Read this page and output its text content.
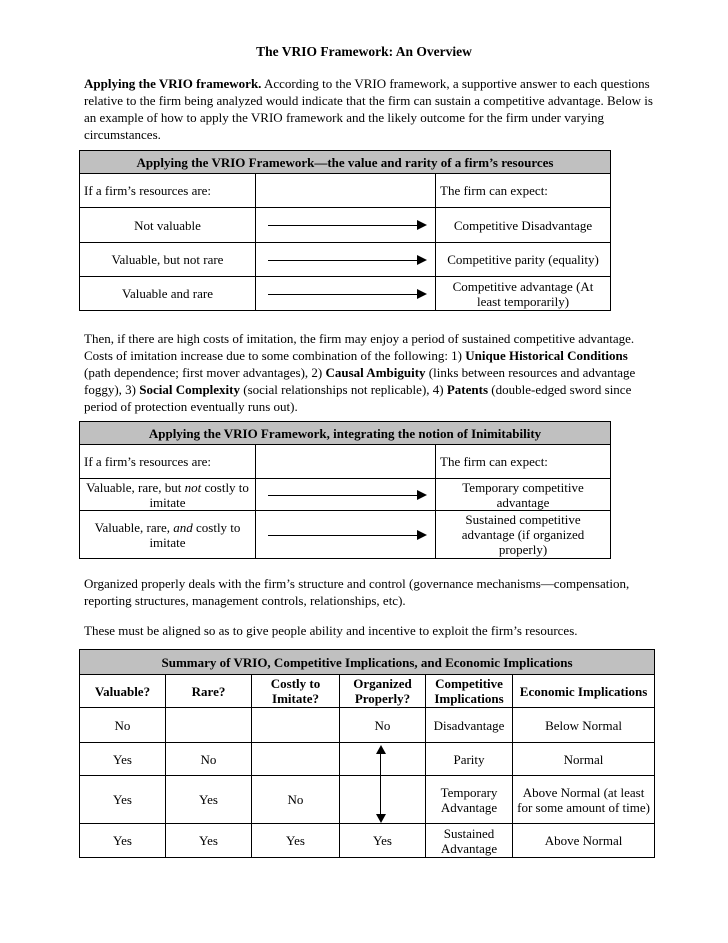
The VRIO Framework: An Overview
Applying the VRIO framework. According to the VRIO framework, a supportive answer to each questions relative to the firm being analyzed would indicate that the firm can sustain a competitive advantage. Below is an example of how to apply the VRIO framework and the likely outcome for the firm under varying circumstances.
Applying the VRIO Framework—the value and rarity of a firm’s resources		
If a firm’s resources are:		The firm can expect:
Not valuable		Competitive Disadvantage
Valuable, but not rare		Competitive parity (equality)
Valuable and rare		Competitive advantage (At least temporarily)
Then, if there are high costs of imitation, the firm may enjoy a period of sustained competitive advantage. Costs of imitation increase due to some combination of the following: 1) Unique Historical Conditions (path dependence; first mover advantages), 2) Causal Ambiguity (links between resources and advantage foggy), 3) Social Complexity (social relationships not replicable), 4) Patents (double-edged sword since period of protection eventually runs out).
Applying the VRIO Framework, integrating the notion of Inimitability		
If a firm’s resources are:		The firm can expect:
Valuable, rare, but not costly to imitate		Temporary competitive advantage
Valuable, rare, and costly to imitate		Sustained competitive advantage (if organized properly)
Organized properly deals with the firm’s structure and control (governance mechanisms—compensation, reporting structures, management controls, relationships, etc).
These must be aligned so as to give people ability and incentive to exploit the firm’s resources.
Summary of VRIO, Competitive Implications, and Economic Implications					
Valuable?	Rare?	Costly to Imitate?	Organized Properly?	Competitive Implications	Economic Implications
No			No	Disadvantage	Below Normal
Yes	No			Parity	Normal
Yes	Yes	No		Temporary Advantage	Above Normal (at least for some amount of time)
Yes	Yes	Yes	Yes	Sustained Advantage	Above Normal
